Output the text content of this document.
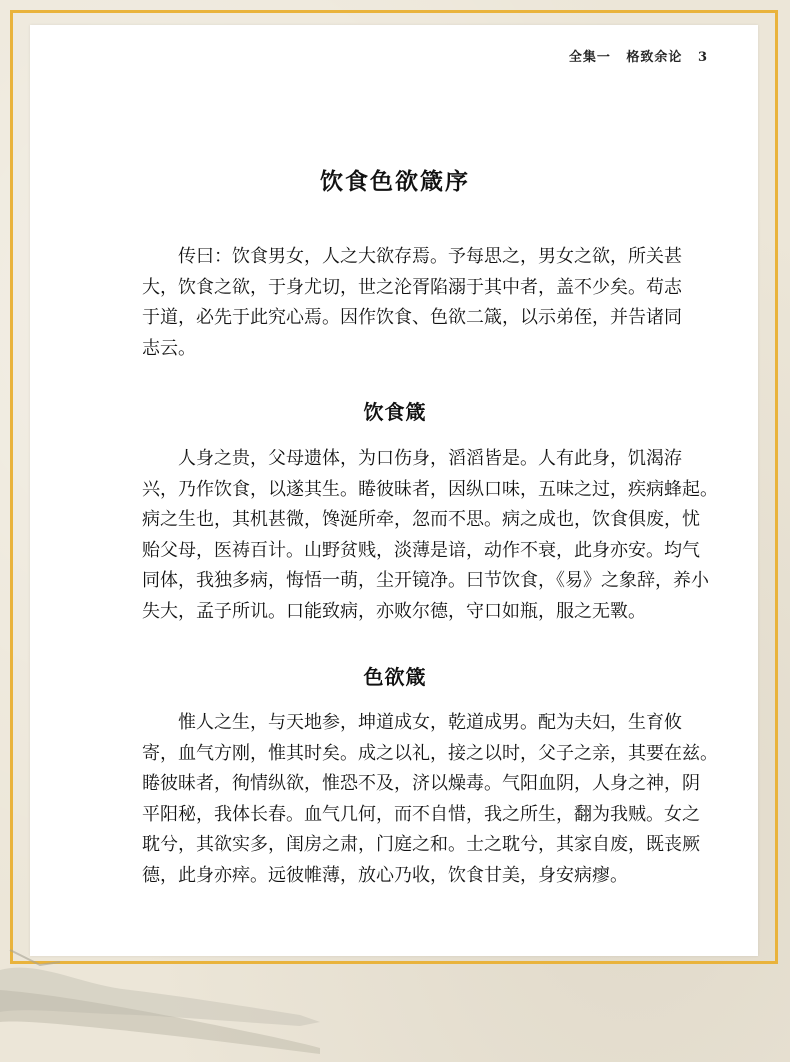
全集一 格致余论 3
饮食色欲箴序
传曰：饮食男女，人之大欲存焉。予每思之，男女之欲，所关甚
大，饮食之欲，于身尤切，世之沦胥陷溺于其中者，盖不少矣。苟志
于道，必先于此究心焉。因作饮食、色欲二箴，以示弟侄，并告诸同
志云。
饮食箴
人身之贵，父母遗体，为口伤身，滔滔皆是。人有此身，饥渴洊
兴，乃作饮食，以遂其生。睠彼昧者，因纵口味，五味之过，疾病蜂起。
病之生也，其机甚微，馋涎所牵，忽而不思。病之成也，饮食俱废，忧
贻父母，医祷百计。山野贫贱，淡薄是谙，动作不衰，此身亦安。均气
同体，我独多病，悔悟一萌，尘开镜净。曰节饮食，《易》之象辞，养小
失大，孟子所讥。口能致病，亦败尔德，守口如瓶，服之无斁。
色欲箴
惟人之生，与天地参，坤道成女，乾道成男。配为夫妇，生育攸
寄，血气方刚，惟其时矣。成之以礼，接之以时，父子之亲，其要在兹。
睠彼昧者，徇情纵欲，惟恐不及，济以燥毒。气阳血阴，人身之神，阴
平阳秘，我体长春。血气几何，而不自惜，我之所生，翻为我贼。女之
耽兮，其欲实多，闺房之肃，门庭之和。士之耽兮，其家自废，既丧厥
德，此身亦瘁。远彼帷薄，放心乃收，饮食甘美，身安病瘳。
